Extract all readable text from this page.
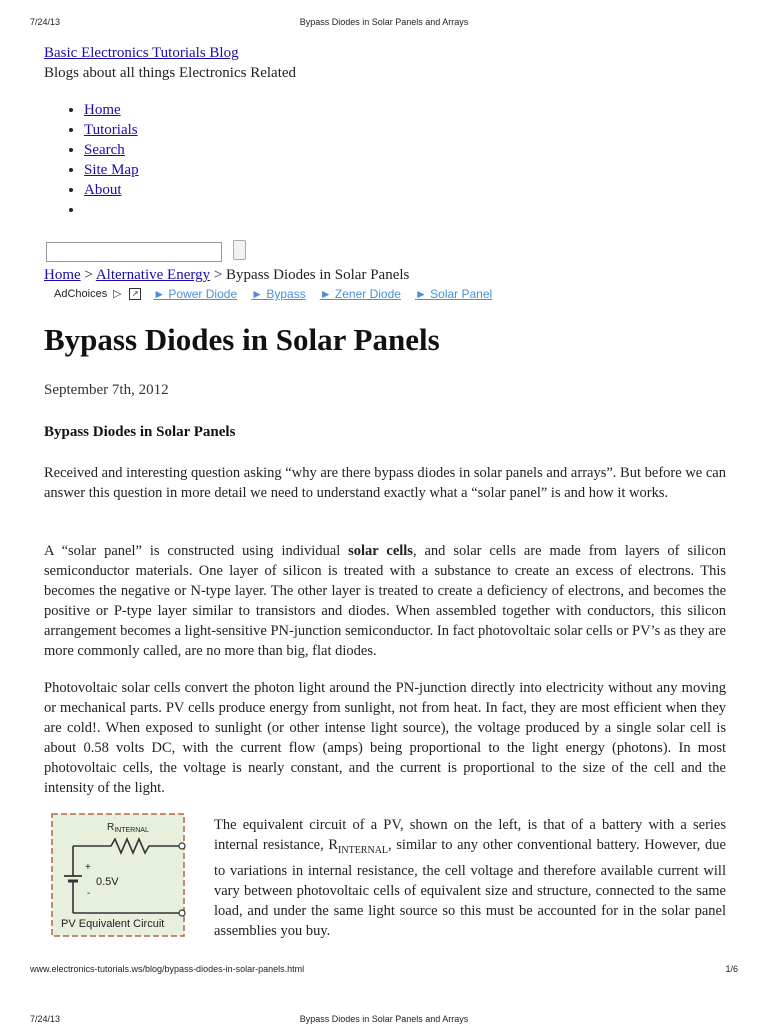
7/24/13	Bypass Diodes in Solar Panels and Arrays
Basic Electronics Tutorials Blog
Blogs about all things Electronics Related
• Home
• Tutorials
• Search
• Site Map
• About
•
Home > Alternative Energy > Bypass Diodes in Solar Panels
AdChoices ▷	↗ ► Power Diode ► Bypass ► Zener Diode ► Solar Panel
Bypass Diodes in Solar Panels
September 7th, 2012
Bypass Diodes in Solar Panels

Received and interesting question asking “why are there bypass diodes in solar panels and arrays”. But before we can answer this question in more detail we need to understand exactly what a “solar panel” is and how it works.

A “solar panel” is constructed using individual solar cells, and solar cells are made from layers of silicon semiconductor materials. One layer of silicon is treated with a substance to create an excess of electrons. This becomes the negative or N-type layer. The other layer is treated to create a deficiency of electrons, and becomes the positive or P-type layer similar to transistors and diodes. When assembled together with conductors, this silicon arrangement becomes a light-sensitive PN-junction semiconductor. In fact photovoltaic solar cells or PV’s as they are more commonly called, are no more than big, flat diodes.

Photovoltaic solar cells convert the photon light around the PN-junction directly into electricity without any moving or mechanical parts. PV cells produce energy from sunlight, not from heat. In fact, they are most efficient when they are cold!. When exposed to sunlight (or other intense light source), the voltage produced by a single solar cell is about 0.58 volts DC, with the current flow (amps) being proportional to the light energy (photons). In most photovoltaic cells, the voltage is nearly constant, and the current is proportional to the size of the cell and the intensity of the light.

$R_{INTERNAL}$
+
0.5V
-
PV Equivalent Circuit

The equivalent circuit of a PV, shown on the left, is that of a battery with a series internal resistance, $R_{INTERNAL}$, similar to any other conventional battery. However, due to variations in internal resistance, the cell voltage and therefore available current will vary between photovoltaic cells of equivalent size and structure, connected to the same load, and under the same light source so this must be accounted for in the solar panel assemblies you buy.

www.electronics-tutorials.ws/blog/bypass-diodes-in-solar-panels.html	1/6
7/24/13	Bypass Diodes in Solar Panels and Arrays
